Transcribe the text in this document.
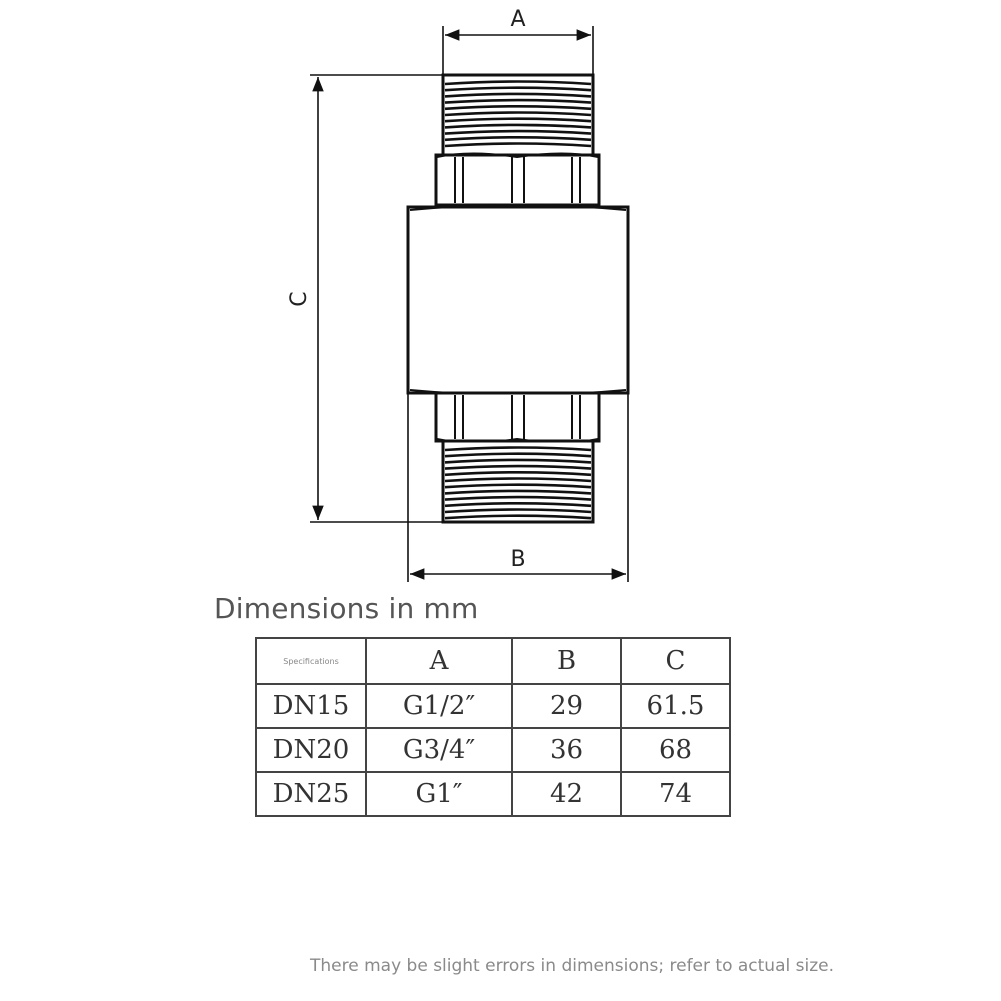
A
B
C
Dimensions in mm
Specifications	A	B	C
DN15	G1/2″	29	61.5
DN20	G3/4″	36	68
DN25	G1″	42	74
There may be slight errors in dimensions; refer to actual size.
